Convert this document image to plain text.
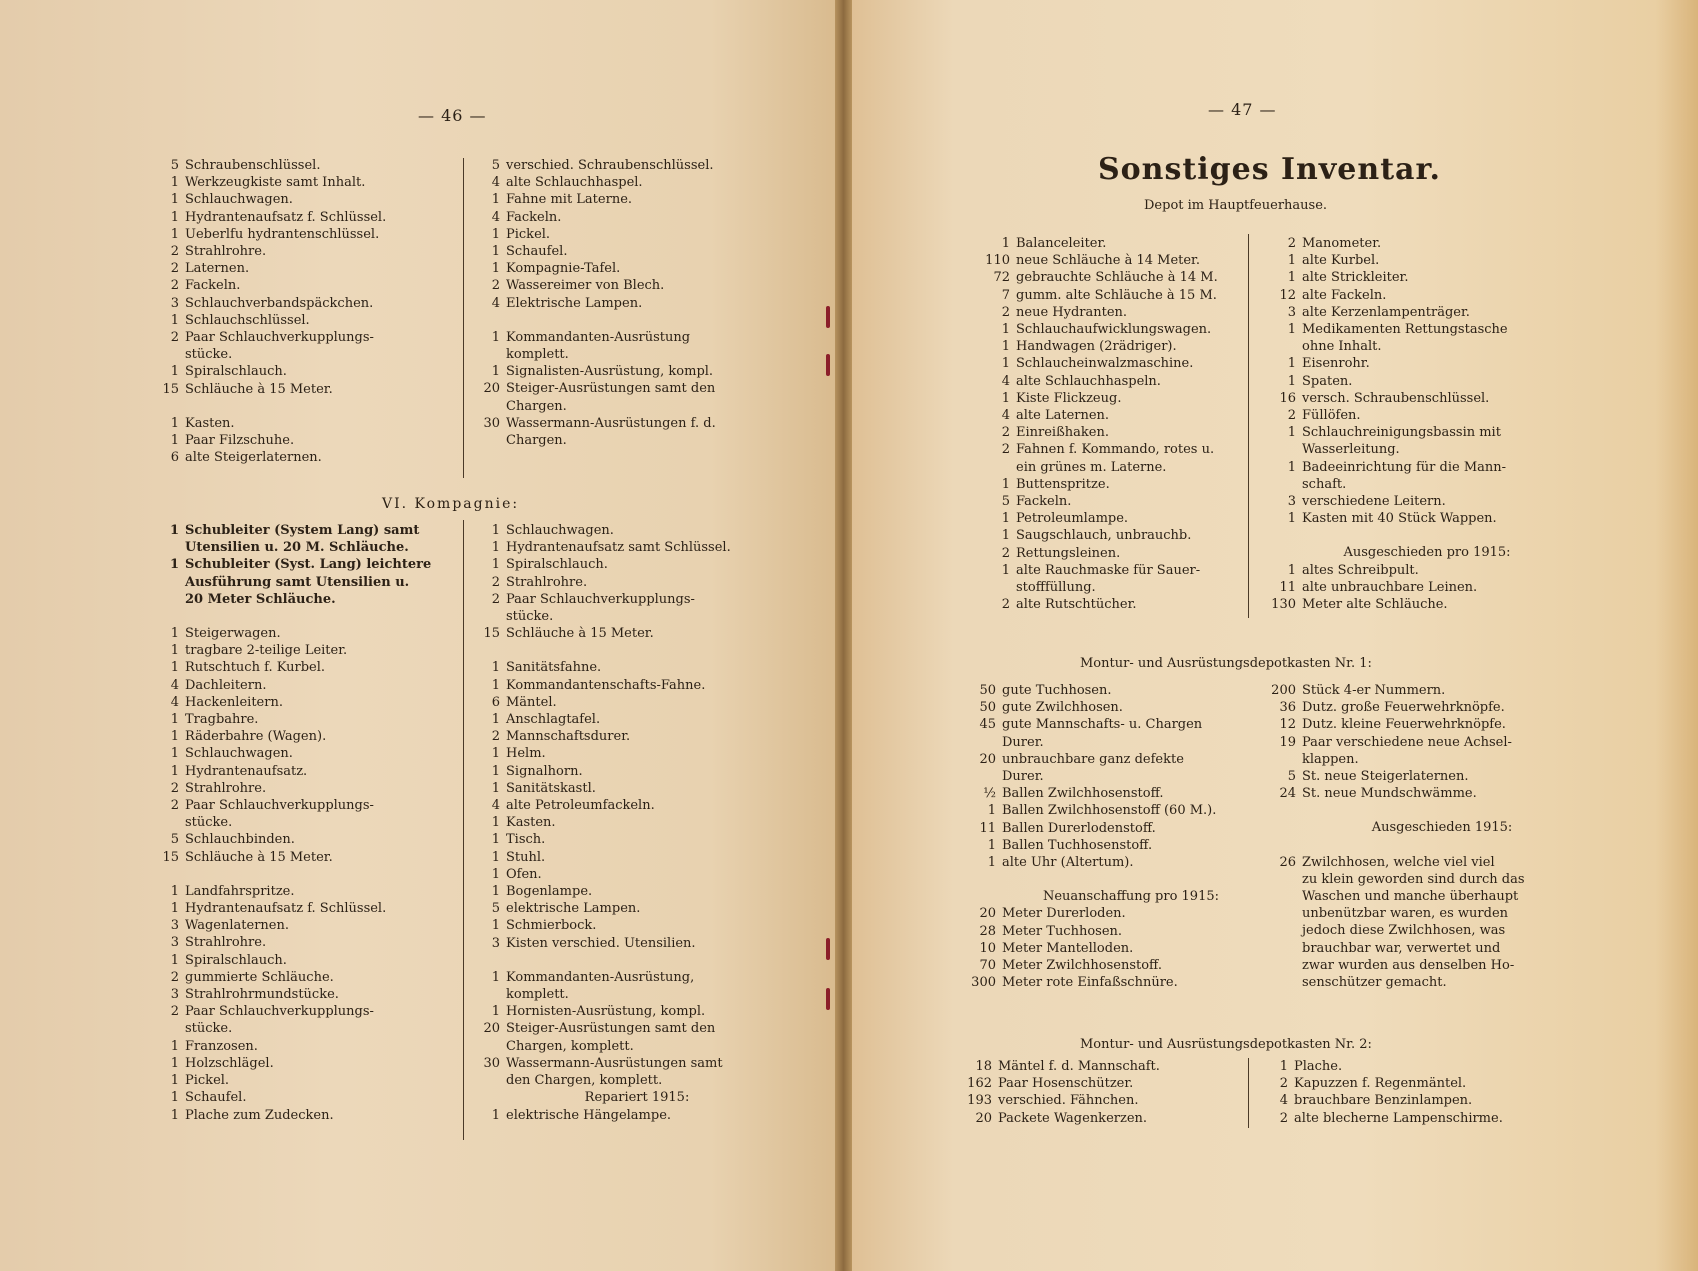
— 46 —
5 Schraubenschlüssel.
1 Werkzeugkiste samt Inhalt.
1 Schlauchwagen.
1 Hydrantenaufsatz f. Schlüssel.
1 Ueberlfu hydrantenschlüssel.
2 Strahlrohre.
2 Laternen.
2 Fackeln.
3 Schlauchverbandspäckchen.
1 Schlauchschlüssel.
2 Paar Schlauchverkupplungs-
stücke.
1 Spiralschlauch.
15 Schläuche à 15 Meter.
1 Kasten.
1 Paar Filzschuhe.
6 alte Steigerlaternen.
5 verschied. Schraubenschlüssel.
4 alte Schlauchhaspel.
1 Fahne mit Laterne.
4 Fackeln.
1 Pickel.
1 Schaufel.
1 Kompagnie-Tafel.
2 Wassereimer von Blech.
4 Elektrische Lampen.
1 Kommandanten-Ausrüstung
komplett.
1 Signalisten-Ausrüstung, kompl.
20 Steiger-Ausrüstungen samt den
Chargen.
30 Wassermann-Ausrüstungen f. d.
Chargen.
VI. Kompagnie:
1 Schubleiter (System Lang) samt
Utensilien u. 20 M. Schläuche.
1 Schubleiter (Syst. Lang) leichtere
Ausführung samt Utensilien u.
20 Meter Schläuche.
1 Steigerwagen.
1 tragbare 2-teilige Leiter.
1 Rutschtuch f. Kurbel.
4 Dachleitern.
4 Hackenleitern.
1 Tragbahre.
1 Räderbahre (Wagen).
1 Schlauchwagen.
1 Hydrantenaufsatz.
2 Strahlrohre.
2 Paar Schlauchverkupplungs-
stücke.
5 Schlauchbinden.
15 Schläuche à 15 Meter.
1 Landfahrspritze.
1 Hydrantenaufsatz f. Schlüssel.
3 Wagenlaternen.
3 Strahlrohre.
1 Spiralschlauch.
2 gummierte Schläuche.
3 Strahlrohrmundstücke.
2 Paar Schlauchverkupplungs-
stücke.
1 Franzosen.
1 Holzschlägel.
1 Pickel.
1 Schaufel.
1 Plache zum Zudecken.
1 Schlauchwagen.
1 Hydrantenaufsatz samt Schlüssel.
1 Spiralschlauch.
2 Strahlrohre.
2 Paar Schlauchverkupplungs-
stücke.
15 Schläuche à 15 Meter.
1 Sanitätsfahne.
1 Kommandantenschafts-Fahne.
6 Mäntel.
1 Anschlagtafel.
2 Mannschaftsdurer.
1 Helm.
1 Signalhorn.
1 Sanitätskastl.
4 alte Petroleumfackeln.
1 Kasten.
1 Tisch.
1 Stuhl.
1 Ofen.
1 Bogenlampe.
5 elektrische Lampen.
1 Schmierbock.
3 Kisten verschied. Utensilien.
1 Kommandanten-Ausrüstung,
komplett.
1 Hornisten-Ausrüstung, kompl.
20 Steiger-Ausrüstungen samt den
Chargen, komplett.
30 Wassermann-Ausrüstungen samt
den Chargen, komplett.
Repariert 1915:
1 elektrische Hängelampe.
— 47 —
Sonstiges Inventar.
Depot im Hauptfeuerhause.
1 Balanceleiter.
110 neue Schläuche à 14 Meter.
72 gebrauchte Schläuche à 14 M.
7 gumm. alte Schläuche à 15 M.
2 neue Hydranten.
1 Schlauchaufwicklungswagen.
1 Handwagen (2rädriger).
1 Schlaucheinwalzmaschine.
4 alte Schlauchhaspeln.
1 Kiste Flickzeug.
4 alte Laternen.
2 Einreißhaken.
2 Fahnen f. Kommando, rotes u.
ein grünes m. Laterne.
1 Buttenspritze.
5 Fackeln.
1 Petroleumlampe.
1 Saugschlauch, unbrauchb.
2 Rettungsleinen.
1 alte Rauchmaske für Sauer-
stofffüllung.
2 alte Rutschtücher.
2 Manometer.
1 alte Kurbel.
1 alte Strickleiter.
12 alte Fackeln.
3 alte Kerzenlampenträger.
1 Medikamenten Rettungstasche
ohne Inhalt.
1 Eisenrohr.
1 Spaten.
16 versch. Schraubenschlüssel.
2 Füllöfen.
1 Schlauchreinigungsbassin mit
Wasserleitung.
1 Badeeinrichtung für die Mann-
schaft.
3 verschiedene Leitern.
1 Kasten mit 40 Stück Wappen.
Ausgeschieden pro 1915:
1 altes Schreibpult.
11 alte unbrauchbare Leinen.
130 Meter alte Schläuche.
Montur- und Ausrüstungsdepotkasten Nr. 1:
50 gute Tuchhosen.
50 gute Zwilchhosen.
45 gute Mannschafts- u. Chargen
Durer.
20 unbrauchbare ganz defekte
Durer.
½ Ballen Zwilchhosenstoff.
1 Ballen Zwilchhosenstoff (60 M.).
11 Ballen Durerlodenstoff.
1 Ballen Tuchhosenstoff.
1 alte Uhr (Altertum).
Neuanschaffung pro 1915:
20 Meter Durerloden.
28 Meter Tuchhosen.
10 Meter Mantelloden.
70 Meter Zwilchhosenstoff.
300 Meter rote Einfaßschnüre.
200 Stück 4-er Nummern.
36 Dutz. große Feuerwehrknöpfe.
12 Dutz. kleine Feuerwehrknöpfe.
19 Paar verschiedene neue Achsel-
klappen.
5 St. neue Steigerlaternen.
24 St. neue Mundschwämme.
Ausgeschieden 1915:
26 Zwilchhosen, welche viel viel
zu klein geworden sind durch das
Waschen und manche überhaupt
unbenützbar waren, es wurden
jedoch diese Zwilchhosen, was
brauchbar war, verwertet und
zwar wurden aus denselben Ho-
senschützer gemacht.
Montur- und Ausrüstungsdepotkasten Nr. 2:
18 Mäntel f. d. Mannschaft.
162 Paar Hosenschützer.
193 verschied. Fähnchen.
20 Packete Wagenkerzen.
1 Plache.
2 Kapuzzen f. Regenmäntel.
4 brauchbare Benzinlampen.
2 alte blecherne Lampenschirme.
